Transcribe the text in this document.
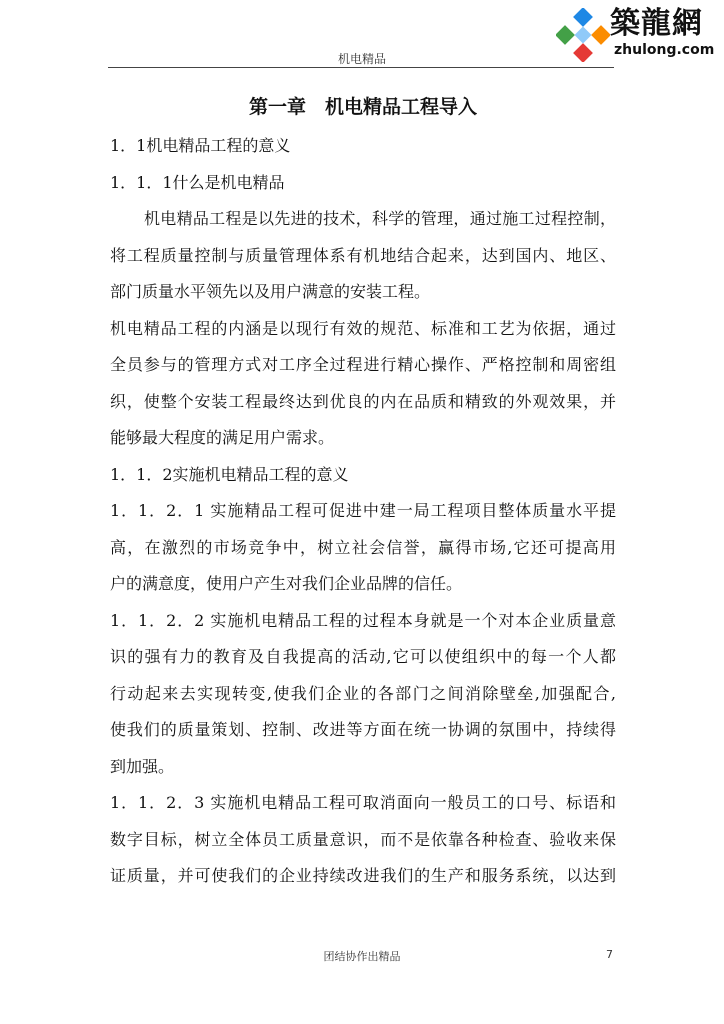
机电精品
築龍網
zhulong.com
第一章　机电精品工程导入
1．1机电精品工程的意义
1．1．1什么是机电精品
机电精品工程是以先进的技术，科学的管理，通过施工过程控制，
将工程质量控制与质量管理体系有机地结合起来，达到国内、地区、
部门质量水平领先以及用户满意的安装工程。
机电精品工程的内涵是以现行有效的规范、标准和工艺为依据，通过
全员参与的管理方式对工序全过程进行精心操作、严格控制和周密组
织，使整个安装工程最终达到优良的内在品质和精致的外观效果，并
能够最大程度的满足用户需求。
1．1．2实施机电精品工程的意义
1．1．2．1 实施精品工程可促进中建一局工程项目整体质量水平提
高，在激烈的市场竞争中，树立社会信誉，赢得市场,它还可提高用
户的满意度，使用户产生对我们企业品牌的信任。
1．1．2．2 实施机电精品工程的过程本身就是一个对本企业质量意
识的强有力的教育及自我提高的活动,它可以使组织中的每一个人都
行动起来去实现转变,使我们企业的各部门之间消除壁垒,加强配合,
使我们的质量策划、控制、改进等方面在统一协调的氛围中，持续得
到加强。
1．1．2．3 实施机电精品工程可取消面向一般员工的口号、标语和
数字目标，树立全体员工质量意识，而不是依靠各种检查、验收来保
证质量，并可使我们的企业持续改进我们的生产和服务系统，以达到
团结协作出精品	7
